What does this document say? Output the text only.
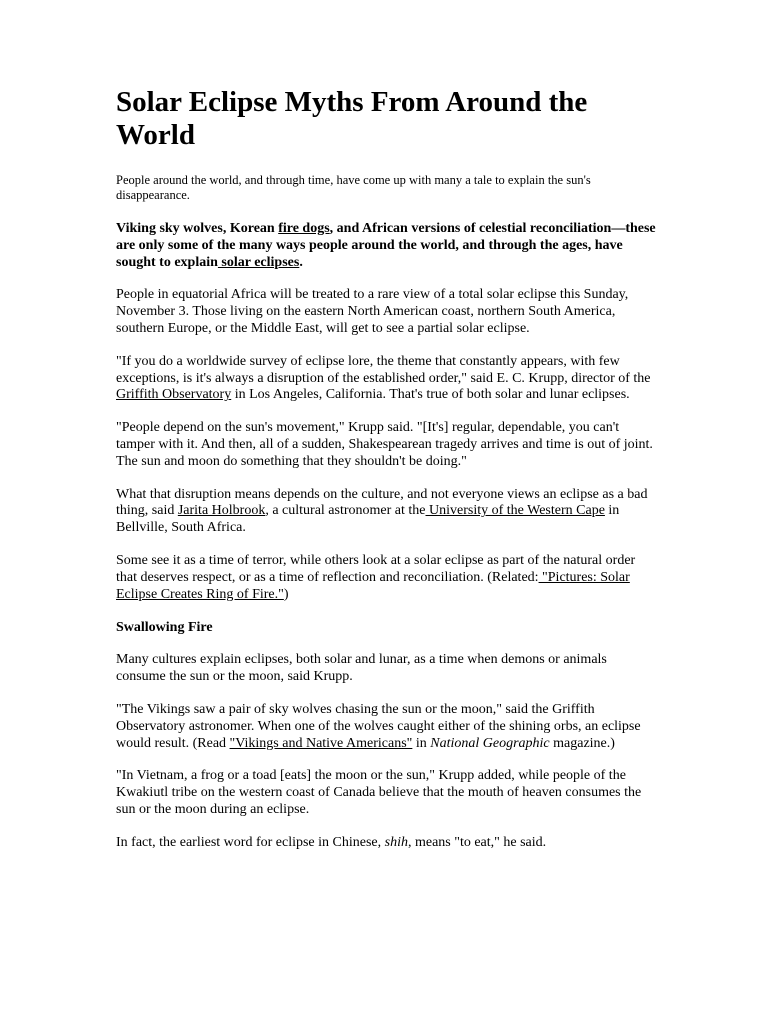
Solar Eclipse Myths From Around the World
People around the world, and through time, have come up with many a tale to explain the sun's disappearance.

Viking sky wolves, Korean fire dogs, and African versions of celestial reconciliation—these are only some of the many ways people around the world, and through the ages, have sought to explain solar eclipses.

People in equatorial Africa will be treated to a rare view of a total solar eclipse this Sunday, November 3. Those living on the eastern North American coast, northern South America, southern Europe, or the Middle East, will get to see a partial solar eclipse.

"If you do a worldwide survey of eclipse lore, the theme that constantly appears, with few exceptions, is it's always a disruption of the established order," said E. C. Krupp, director of the Griffith Observatory in Los Angeles, California. That's true of both solar and lunar eclipses.

"People depend on the sun's movement," Krupp said. "[It's] regular, dependable, you can't tamper with it. And then, all of a sudden, Shakespearean tragedy arrives and time is out of joint. The sun and moon do something that they shouldn't be doing."

What that disruption means depends on the culture, and not everyone views an eclipse as a bad thing, said Jarita Holbrook, a cultural astronomer at the University of the Western Cape in Bellville, South Africa.

Some see it as a time of terror, while others look at a solar eclipse as part of the natural order that deserves respect, or as a time of reflection and reconciliation. (Related: "Pictures: Solar Eclipse Creates Ring of Fire.")

Swallowing Fire

Many cultures explain eclipses, both solar and lunar, as a time when demons or animals consume the sun or the moon, said Krupp.

"The Vikings saw a pair of sky wolves chasing the sun or the moon," said the Griffith Observatory astronomer. When one of the wolves caught either of the shining orbs, an eclipse would result. (Read "Vikings and Native Americans" in National Geographic magazine.)

"In Vietnam, a frog or a toad [eats] the moon or the sun," Krupp added, while people of the Kwakiutl tribe on the western coast of Canada believe that the mouth of heaven consumes the sun or the moon during an eclipse.

In fact, the earliest word for eclipse in Chinese, shih, means "to eat," he said.
